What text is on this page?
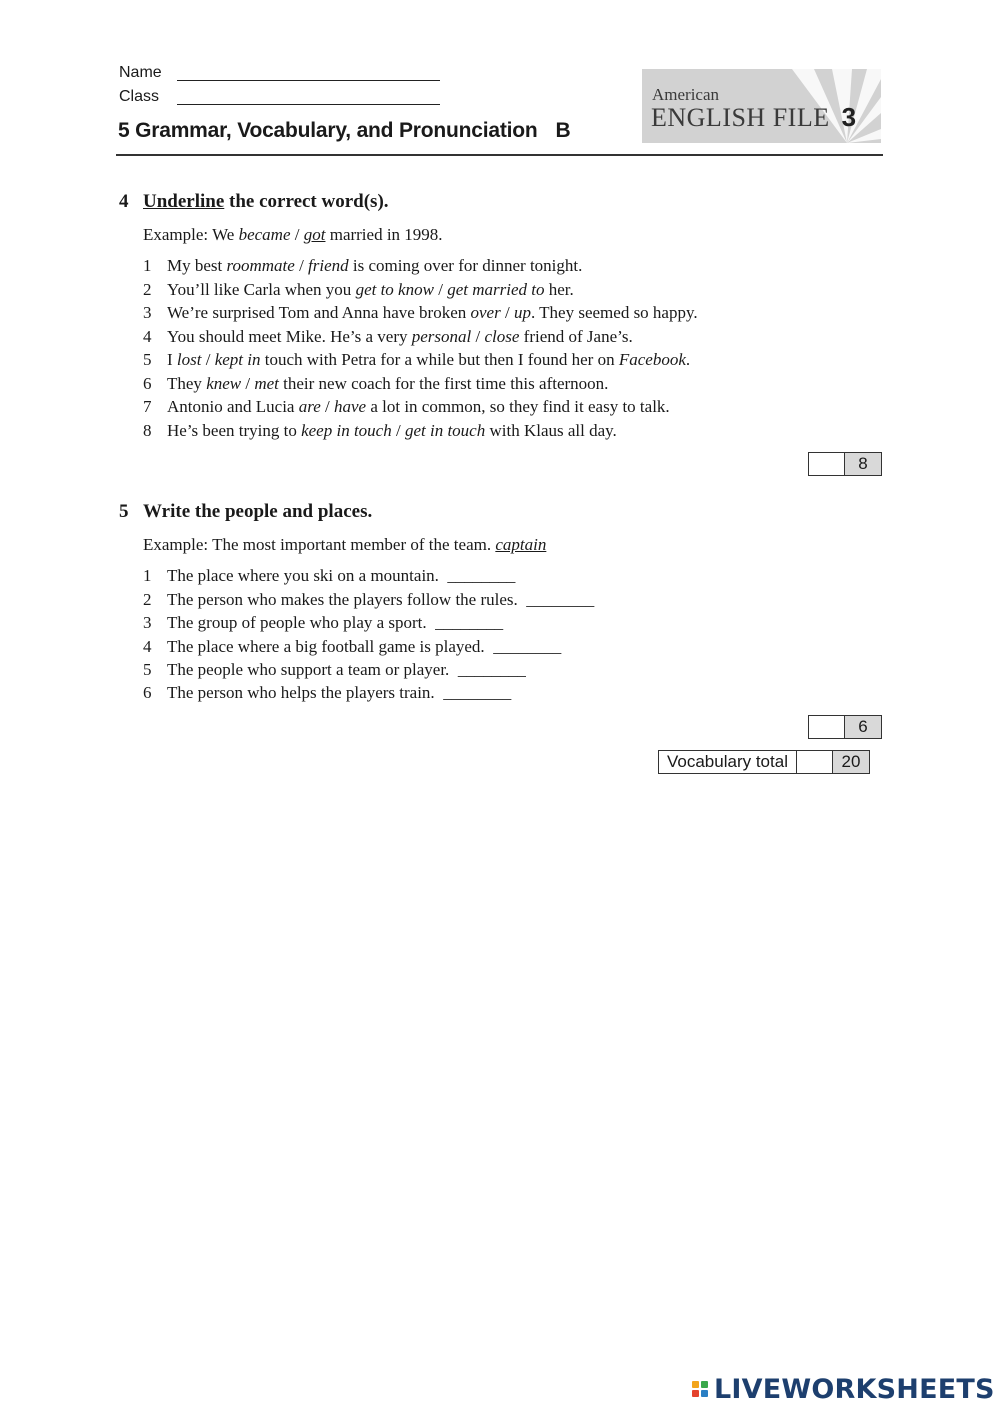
Name
Class
5 Grammar, Vocabulary, and Pronunciation B
American
ENGLISH FILE 3
4 Underline the correct word(s).
Example: We became / got married in 1998.
1 My best roommate / friend is coming over for dinner tonight.
2 You’ll like Carla when you get to know / get married to her.
3 We’re surprised Tom and Anna have broken over / up. They seemed so happy.
4 You should meet Mike. He’s a very personal / close friend of Jane’s.
5 I lost / kept in touch with Petra for a while but then I found her on Facebook.
6 They knew / met their new coach for the first time this afternoon.
7 Antonio and Lucia are / have a lot in common, so they find it easy to talk.
8 He’s been trying to keep in touch / get in touch with Klaus all day.
8
5 Write the people and places.
Example: The most important member of the team. captain
1 The place where you ski on a mountain. ________
2 The person who makes the players follow the rules. ________
3 The group of people who play a sport. ________
4 The place where a big football game is played. ________
5 The people who support a team or player. ________
6 The person who helps the players train. ________
6
Vocabulary total	20
LIVEWORKSHEETS
